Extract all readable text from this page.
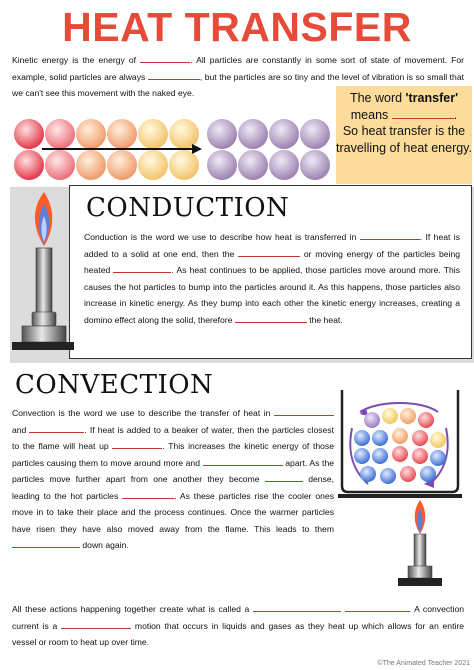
HEAT TRANSFER
Kinetic energy is the energy of	. All particles are constantly in some sort of state of movement. For example, solid particles are always	, but the particles are so tiny and the level of vibration is so small that we can't see this movement with the naked eye.	The word 'transfer'
means	.
So heat transfer is the travelling of heat energy.
CONDUCTION
Conduction is the word we use to describe how heat is transferred in	. If heat is added to a solid at one end, then the	or moving energy of the particles being heated	. As heat continues to be applied, those particles move around more. This causes the hot particles to bump into the particles around it. As this happens, those particles also increase in kinetic energy. As they bump into each other the kinetic energy increases, creating a domino effect along the solid, therefore	the heat.
CONVECTION
Convection is the word we use to describe the transfer of heat in  and	. If heat is added to a beaker of water, then the particles closest to the flame will heat up	. This increases the kinetic energy of those particles causing them to move around more and	apart. As the particles move further apart from one another they become	dense, leading to the hot particles	. As these particles rise the cooler ones move in to take their place and the process continues. Once the warmer particles have risen they have also moved away from the flame. This leads to them  down again.
All these actions happening together create what is called a	. A convection current is a	motion that occurs in liquids and gases as they heat up which allows for an entire vessel or room to heat up over time.
©The Animated Teacher 2021
